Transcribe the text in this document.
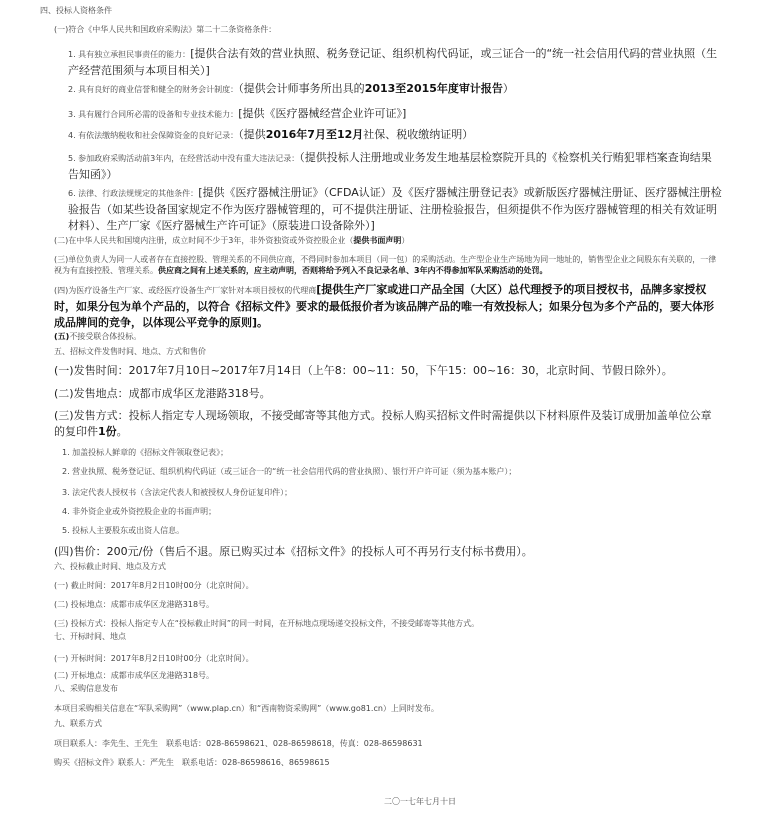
四、投标人资格条件
(一)符合《中华人民共和国政府采购法》第二十二条资格条件：
1. 具有独立承担民事责任的能力：[提供合法有效的营业执照、税务登记证、组织机构代码证，或三证合一的“统一社会信用代码的营业执照（生产经营范围须与本项目相关）]
2. 具有良好的商业信誉和健全的财务会计制度：（提供会计师事务所出具的2013至2015年度审计报告）
3. 具有履行合同所必需的设备和专业技术能力：[提供《医疗器械经营企业许可证》]
4. 有依法缴纳税收和社会保障资金的良好记录：（提供2016年7月至12月社保、税收缴纳证明）
5. 参加政府采购活动前3年内，在经营活动中没有重大违法记录：（提供投标人注册地或业务发生地基层检察院开具的《检察机关行贿犯罪档案查询结果告知函》）
6. 法律、行政法规规定的其他条件：[提供《医疗器械注册证》（CFDA认证）及《医疗器械注册登记表》或新版医疗器械注册证、医疗器械注册检验报告（如某些设备国家规定不作为医疗器械管理的，可不提供注册证、注册检验报告，但须提供不作为医疗器械管理的相关有效证明材料）、生产厂家《医疗器械生产许可证》（原装进口设备除外）]
(二)在中华人民共和国境内注册，成立时间不少于3年，非外资独资或外资控股企业（提供书面声明）
(三)单位负责人为同一人或者存在直接控股、管理关系的不同供应商，不得同时参加本项目（同一包）的采购活动。生产型企业生产场地为同一地址的，销售型企业之间股东有关联的，一律视为有直接控股、管理关系。供应商之间有上述关系的，应主动声明，否则将给予列入不良记录名单、3年内不得参加军队采购活动的处罚。
(四)为医疗设备生产厂家、或经医疗设备生产厂家针对本项目授权的代理商[提供生产厂家或进口产品全国（大区）总代理授予的项目授权书，品牌多家授权时，如果分包为单个产品的，以符合《招标文件》要求的最低报价者为该品牌产品的唯一有效投标人；如果分包为多个产品的，要大体形成品牌间的竞争，以体现公平竞争的原则]。
(五)不接受联合体投标。
五、招标文件发售时间、地点、方式和售价
(一)发售时间：2017年7月10日~2017年7月14日（上午8：00~11：50，下午15：00~16：30，北京时间、节假日除外）。
(二)发售地点：成都市成华区龙港路318号。
(三)发售方式：投标人指定专人现场领取，不接受邮寄等其他方式。投标人购买招标文件时需提供以下材料原件及装订成册加盖单位公章的复印件1份。
1. 加盖投标人鲜章的《招标文件领取登记表》；
2. 营业执照、税务登记证、组织机构代码证（或三证合一的“统一社会信用代码的营业执照）、银行开户许可证（须为基本账户）；
3. 法定代表人授权书（含法定代表人和被授权人身份证复印件）；
4. 非外资企业或外资控股企业的书面声明；
5. 投标人主要股东或出资人信息。
(四)售价：200元/份（售后不退。原已购买过本《招标文件》的投标人可不再另行支付标书费用）。
六、投标截止时间、地点及方式
(一) 截止时间：2017年8月2日10时00分（北京时间）。
(二) 投标地点：成都市成华区龙港路318号。
(三) 投标方式：投标人指定专人在“投标截止时间”的同一时间，在开标地点现场递交投标文件，不接受邮寄等其他方式。
七、开标时间、地点
(一) 开标时间：2017年8月2日10时00分（北京时间）。
(二) 开标地点：成都市成华区龙港路318号。
八、采购信息发布
本项目采购相关信息在“军队采购网”（www.plap.cn）和“西南物资采购网”（www.go81.cn）上同时发布。
九、联系方式
项目联系人：李先生、王先生　联系电话：028-86598621、028-86598618，传真：028-86598631
购买《招标文件》联系人：严先生　联系电话：028-86598616、86598615
二〇一七年七月十日
